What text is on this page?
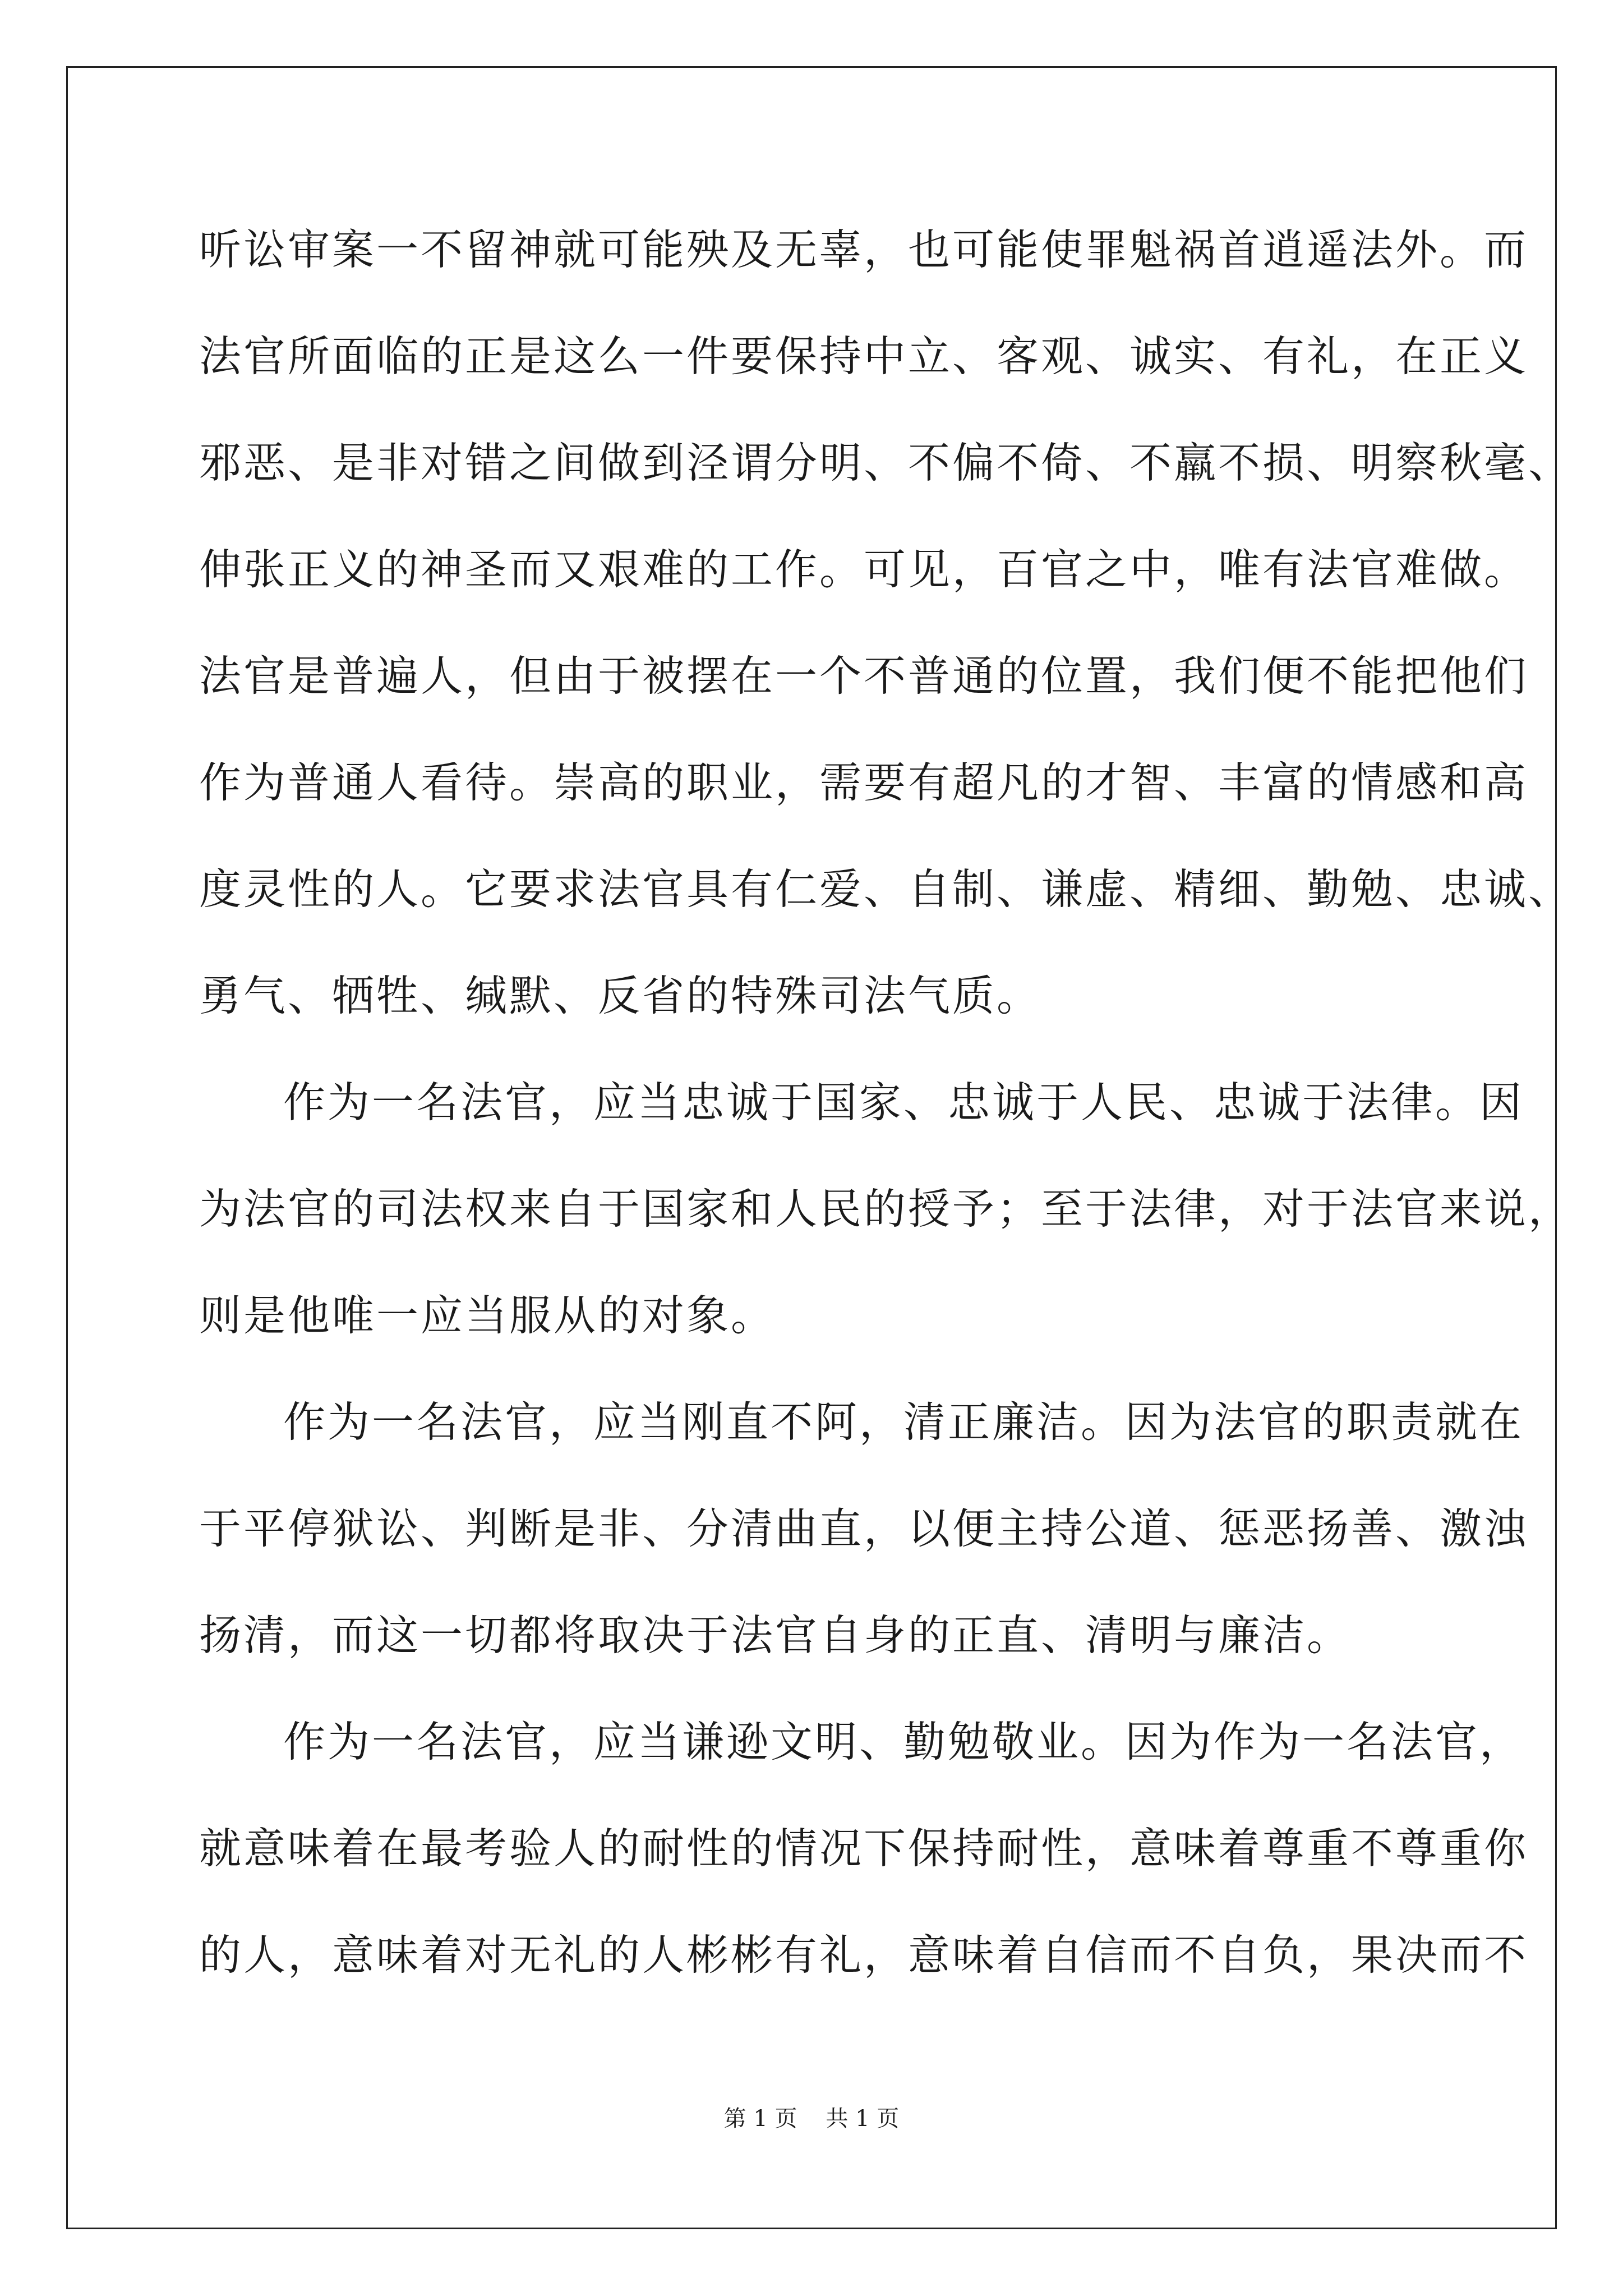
听讼审案一不留神就可能殃及无辜，也可能使罪魁祸首逍遥法外。而
法官所面临的正是这么一件要保持中立、客观、诚实、有礼，在正义
邪恶、是非对错之间做到泾谓分明、不偏不倚、不羸不损、明察秋毫、
伸张正义的神圣而又艰难的工作。可见，百官之中，唯有法官难做。
法官是普遍人，但由于被摆在一个不普通的位置，我们便不能把他们
作为普通人看待。崇高的职业，需要有超凡的才智、丰富的情感和高
度灵性的人。它要求法官具有仁爱、自制、谦虚、精细、勤勉、忠诚、
勇气、牺牲、缄默、反省的特殊司法气质。
作为一名法官，应当忠诚于国家、忠诚于人民、忠诚于法律。因
为法官的司法权来自于国家和人民的授予；至于法律，对于法官来说，
则是他唯一应当服从的对象。
作为一名法官，应当刚直不阿，清正廉洁。因为法官的职责就在
于平停狱讼、判断是非、分清曲直，以便主持公道、惩恶扬善、激浊
扬清，而这一切都将取决于法官自身的正直、清明与廉洁。
作为一名法官，应当谦逊文明、勤勉敬业。因为作为一名法官，
就意味着在最考验人的耐性的情况下保持耐性，意味着尊重不尊重你
的人，意味着对无礼的人彬彬有礼，意味着自信而不自负，果决而不
第 1 页 共 1 页
